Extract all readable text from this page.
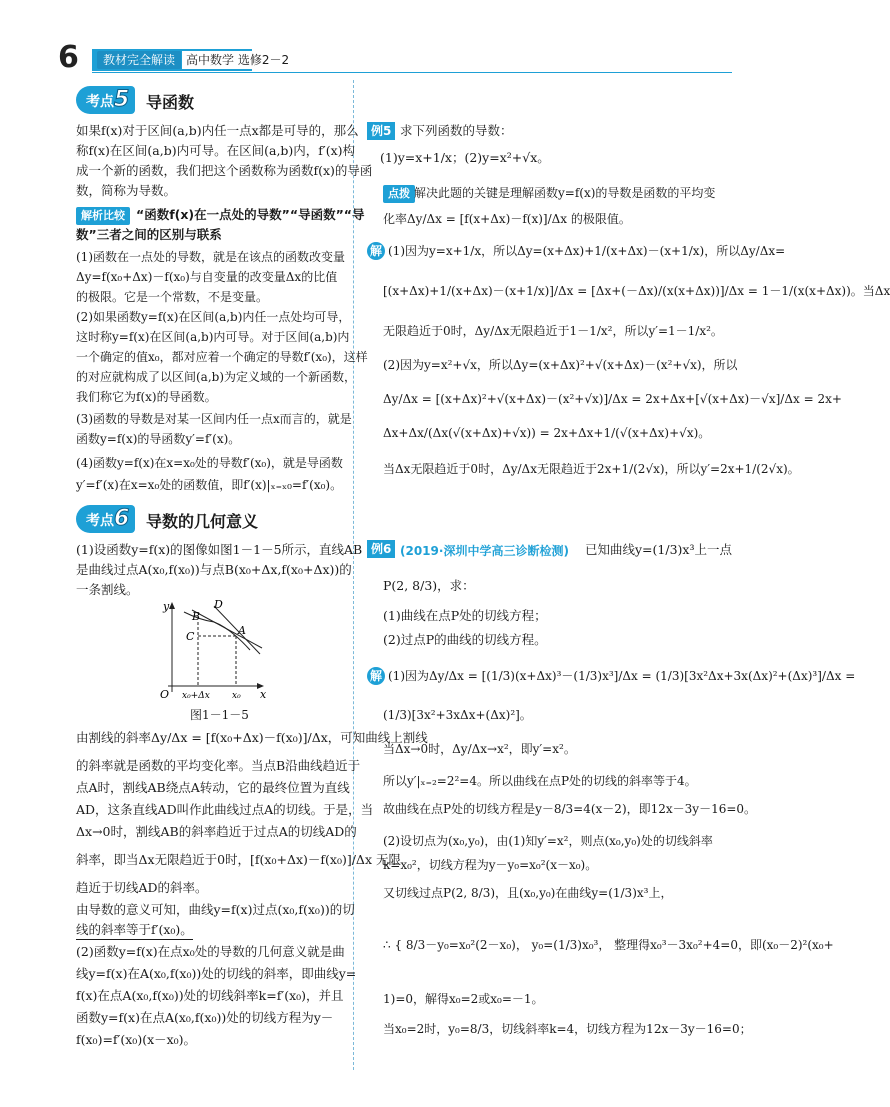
6	教材完全解读 高中数学 选修2－2
考点5	导函数
如果f(x)对于区间(a,b)内任一点x都是可导的，那么
称f(x)在区间(a,b)内可导。在区间(a,b)内，f′(x)构
成一个新的函数，我们把这个函数称为函数f(x)的导函
数，简称为导数。
解析比较 “函数f(x)在一点处的导数”“导函数”“导
数”三者之间的区别与联系
(1)函数在一点处的导数，就是在该点的函数改变量
Δy=f(x₀+Δx)－f(x₀)与自变量的改变量Δx的比值
的极限。它是一个常数，不是变量。
(2)如果函数y=f(x)在区间(a,b)内任一点处均可导，
这时称y=f(x)在区间(a,b)内可导。对于区间(a,b)内
一个确定的值x₀，都对应着一个确定的导数f′(x₀)，这样
的对应就构成了以区间(a,b)为定义域的一个新函数，
我们称它为f(x)的导函数。
(3)函数的导数是对某一区间内任一点x而言的，就是
函数y=f(x)的导函数y′=f′(x)。
(4)函数y=f(x)在x=x₀处的导数f′(x₀)，就是导函数
y′=f′(x)在x=x₀处的函数值，即f′(x)|ₓ₌ₓ₀=f′(x₀)。
考点6	导数的几何意义
(1)设函数y=f(x)的图像如图1－1－5所示，直线AB
是曲线过点A(x₀,f(x₀))与点B(x₀+Δx,f(x₀+Δx))的
一条割线。
y
x
O
B
D
C	A
x₀+Δx x₀
图1－1－5
由割线的斜率Δy/Δx = [f(x₀+Δx)－f(x₀)]/Δx，可知曲线上割线
的斜率就是函数的平均变化率。当点B沿曲线趋近于
点A时，割线AB绕点A转动，它的最终位置为直线
AD，这条直线AD叫作此曲线过点A的切线。于是，当
Δx→0时，割线AB的斜率趋近于过点A的切线AD的
斜率，即当Δx无限趋近于0时，[f(x₀+Δx)－f(x₀)]/Δx 无限
趋近于切线AD的斜率。
由导数的意义可知，曲线y=f(x)过点(x₀,f(x₀))的切
线的斜率等于f′(x₀)。
(2)函数y=f(x)在点x₀处的导数的几何意义就是曲
线y=f(x)在A(x₀,f(x₀))处的切线的斜率，即曲线y=
f(x)在点A(x₀,f(x₀))处的切线斜率k=f′(x₀)，并且
函数y=f(x)在点A(x₀,f(x₀))处的切线方程为y－
f(x₀)=f′(x₀)(x－x₀)。
例5 求下列函数的导数：
(1)y=x+1/x；(2)y=x²+√x。
点拨 解决此题的关键是理解函数y=f(x)的导数是函数的平均变
化率Δy/Δx = [f(x+Δx)－f(x)]/Δx 的极限值。
解 (1)因为y=x+1/x，所以Δy=(x+Δx)+1/(x+Δx)－(x+1/x)，所以Δy/Δx=
[(x+Δx)+1/(x+Δx)－(x+1/x)]/Δx = [Δx+(－Δx)/(x(x+Δx))]/Δx = 1－1/(x(x+Δx))。当Δx
无限趋近于0时，Δy/Δx无限趋近于1－1/x²，所以y′=1－1/x²。
(2)因为y=x²+√x，所以Δy=(x+Δx)²+√(x+Δx)－(x²+√x)，所以
Δy/Δx = [(x+Δx)²+√(x+Δx)－(x²+√x)]/Δx = 2x+Δx+[√(x+Δx)－√x]/Δx = 2x+
Δx+Δx/(Δx(√(x+Δx)+√x)) = 2x+Δx+1/(√(x+Δx)+√x)。
当Δx无限趋近于0时，Δy/Δx无限趋近于2x+1/(2√x)，所以y′=2x+1/(2√x)。
例6 (2019·深圳中学高三诊断检测) 已知曲线y=(1/3)x³上一点
P(2, 8/3)，求：
(1)曲线在点P处的切线方程；
(2)过点P的曲线的切线方程。
解 (1)因为Δy/Δx = [(1/3)(x+Δx)³－(1/3)x³]/Δx = (1/3)[3x²Δx+3x(Δx)²+(Δx)³]/Δx =
(1/3)[3x²+3xΔx+(Δx)²]。
当Δx→0时，Δy/Δx→x²，即y′=x²。
所以y′|ₓ₌₂=2²=4。所以曲线在点P处的切线的斜率等于4。
故曲线在点P处的切线方程是y－8/3=4(x－2)，即12x－3y－16=0。
(2)设切点为(x₀,y₀)，由(1)知y′=x²，则点(x₀,y₀)处的切线斜率
k=x₀²，切线方程为y－y₀=x₀²(x－x₀)。
又切线过点P(2, 8/3)，且(x₀,y₀)在曲线y=(1/3)x³上，
∴ { 8/3－y₀=x₀²(2－x₀)， y₀=(1/3)x₀³， 整理得x₀³－3x₀²+4=0，即(x₀－2)²(x₀+
1)=0，解得x₀=2或x₀=－1。
当x₀=2时，y₀=8/3，切线斜率k=4，切线方程为12x－3y－16=0；
